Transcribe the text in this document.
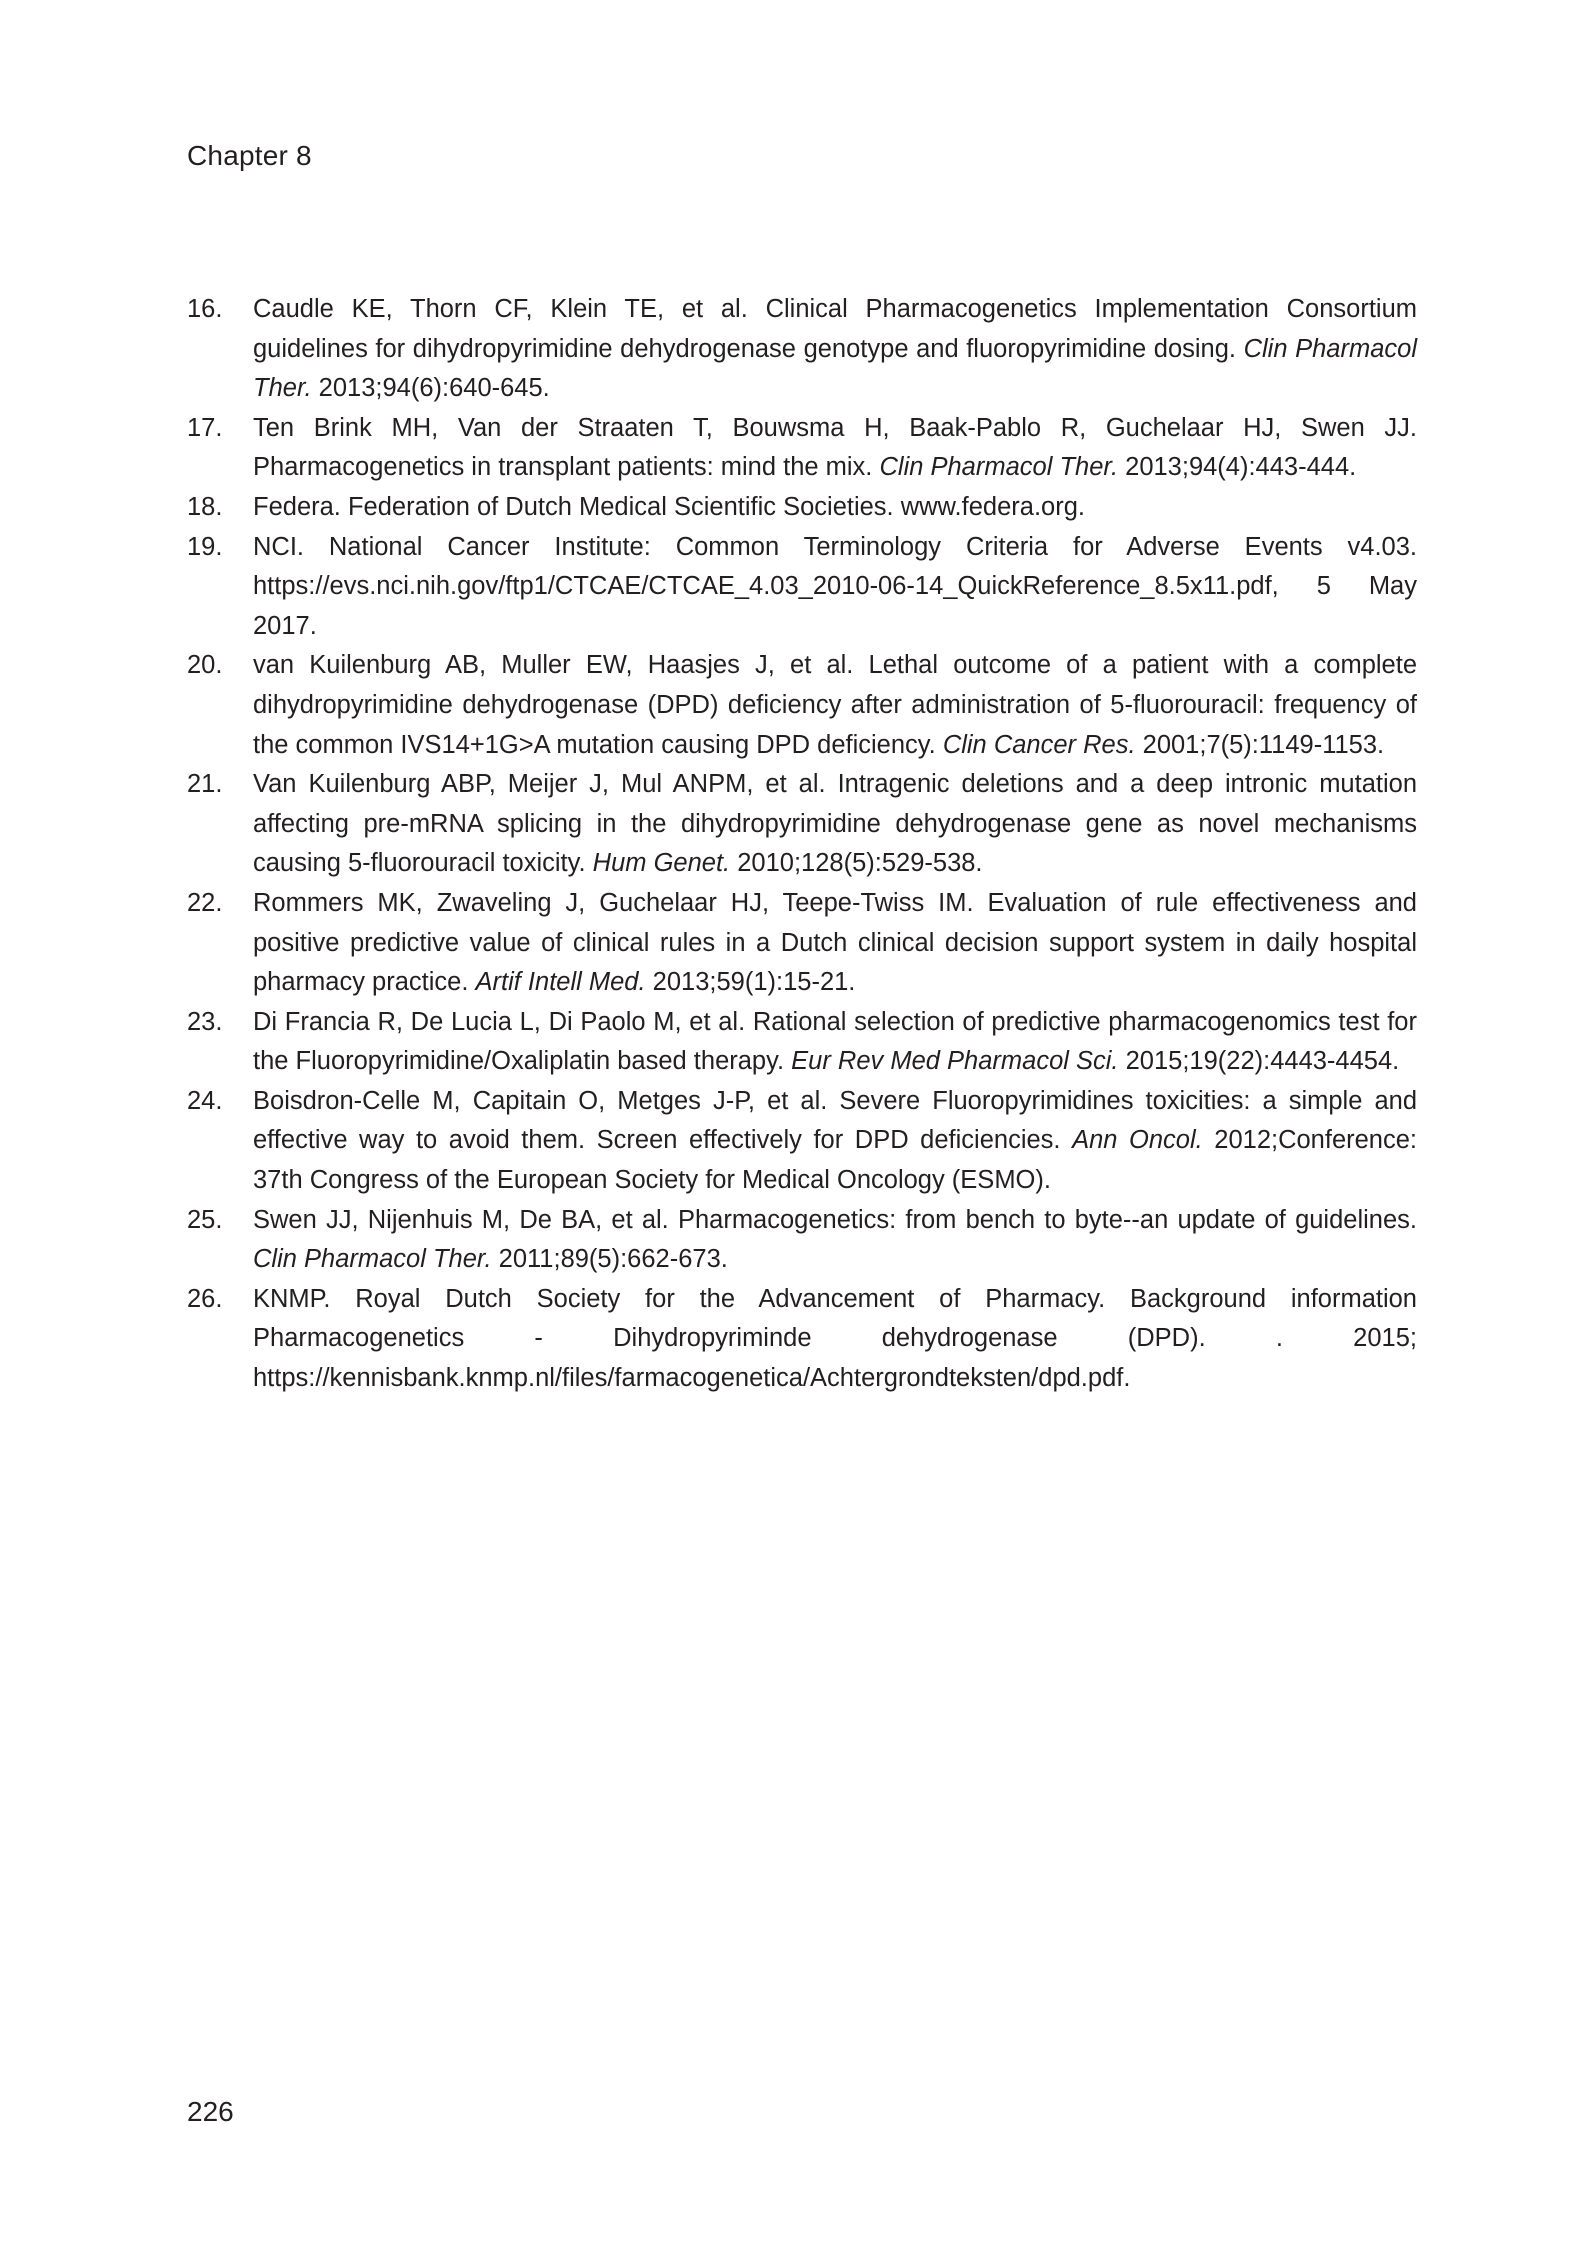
Chapter 8
16.	Caudle KE, Thorn CF, Klein TE, et al. Clinical Pharmacogenetics Implementation Consortium guidelines for dihydropyrimidine dehydrogenase genotype and fluoropyrimidine dosing. Clin Pharmacol Ther. 2013;94(6):640-645.
17.	Ten Brink MH, Van der Straaten T, Bouwsma H, Baak-Pablo R, Guchelaar HJ, Swen JJ. Pharmacogenetics in transplant patients: mind the mix. Clin Pharmacol Ther. 2013;94(4):443-444.
18.	Federa. Federation of Dutch Medical Scientific Societies. www.federa.org.
19.	NCI. National Cancer Institute: Common Terminology Criteria for Adverse Events v4.03. https://evs.nci.nih.gov/ftp1/CTCAE/CTCAE_4.03_2010-06-14_QuickReference_8.5x11.pdf, 5 May 2017.
20.	van Kuilenburg AB, Muller EW, Haasjes J, et al. Lethal outcome of a patient with a complete dihydropyrimidine dehydrogenase (DPD) deficiency after administration of 5-fluorouracil: frequency of the common IVS14+1G>A mutation causing DPD deficiency. Clin Cancer Res. 2001;7(5):1149-1153.
21.	Van Kuilenburg ABP, Meijer J, Mul ANPM, et al. Intragenic deletions and a deep intronic mutation affecting pre-mRNA splicing in the dihydropyrimidine dehydrogenase gene as novel mechanisms causing 5-fluorouracil toxicity. Hum Genet. 2010;128(5):529-538.
22.	Rommers MK, Zwaveling J, Guchelaar HJ, Teepe-Twiss IM. Evaluation of rule effectiveness and positive predictive value of clinical rules in a Dutch clinical decision support system in daily hospital pharmacy practice. Artif Intell Med. 2013;59(1):15-21.
23.	Di Francia R, De Lucia L, Di Paolo M, et al. Rational selection of predictive pharmacogenomics test for the Fluoropyrimidine/Oxaliplatin based therapy. Eur Rev Med Pharmacol Sci. 2015;19(22):4443-4454.
24.	Boisdron-Celle M, Capitain O, Metges J-P, et al. Severe Fluoropyrimidines toxicities: a simple and effective way to avoid them. Screen effectively for DPD deficiencies. Ann Oncol. 2012;Conference: 37th Congress of the European Society for Medical Oncology (ESMO).
25.	Swen JJ, Nijenhuis M, De BA, et al. Pharmacogenetics: from bench to byte--an update of guidelines. Clin Pharmacol Ther. 2011;89(5):662-673.
26.	KNMP. Royal Dutch Society for the Advancement of Pharmacy. Background information Pharmacogenetics - Dihydropyriminde dehydrogenase (DPD). . 2015; https://kennisbank.knmp.nl/files/farmacogenetica/Achtergrondteksten/dpd.pdf.
226
